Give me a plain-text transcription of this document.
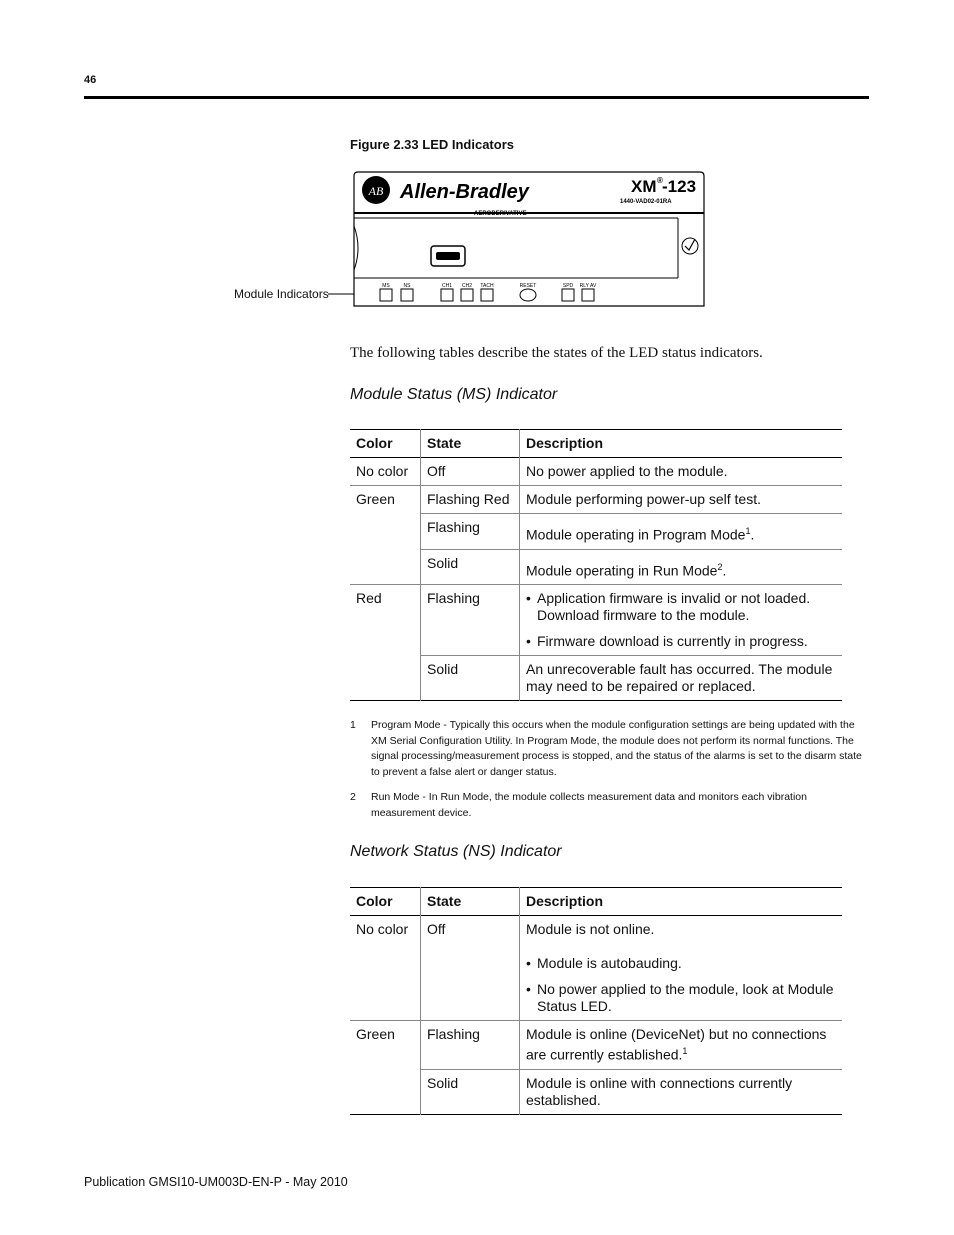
46
Figure 2.33 LED Indicators
Module Indicators
AB Allen-Bradley	XM ® -123
1440-VAD02-01RA
AERODERIVATIVE
MS	NS	CH1 CH2 TACH	RESET	SPD RLY AV
The following tables describe the states of the LED status indicators.
Module Status (MS) Indicator
Color	State	Description
No color	Off	No power applied to the module.
Green	Flashing Red	Module performing power-up self test.
	Flashing	Module operating in Program Mode$^1$.
	Solid	Module operating in Run Mode$^2$.
Red	Flashing	• Application firmware is invalid or not loaded. Download firmware to the module.
• Firmware download is currently in progress.

	Solid	An unrecoverable fault has occurred. The module may need to be repaired or replaced.
1	Program Mode - Typically this occurs when the module configuration settings are being updated with the XM Serial Configuration Utility. In Program Mode, the module does not perform its normal functions. The signal processing/measurement process is stopped, and the status of the alarms is set to the disarm state to prevent a false alert or danger status.
2	Run Mode - In Run Mode, the module collects measurement data and monitors each vibration measurement device.
Network Status (NS) Indicator
Color	State	Description
No color	Off	Module is not online.
• Module is autobauding.
• No power applied to the module, look at Module Status LED.

Green	Flashing	Module is online (DeviceNet) but no connections are currently established.$^1$
	Solid	Module is online with connections currently established.
Publication GMSI10-UM003D-EN-P - May 2010
